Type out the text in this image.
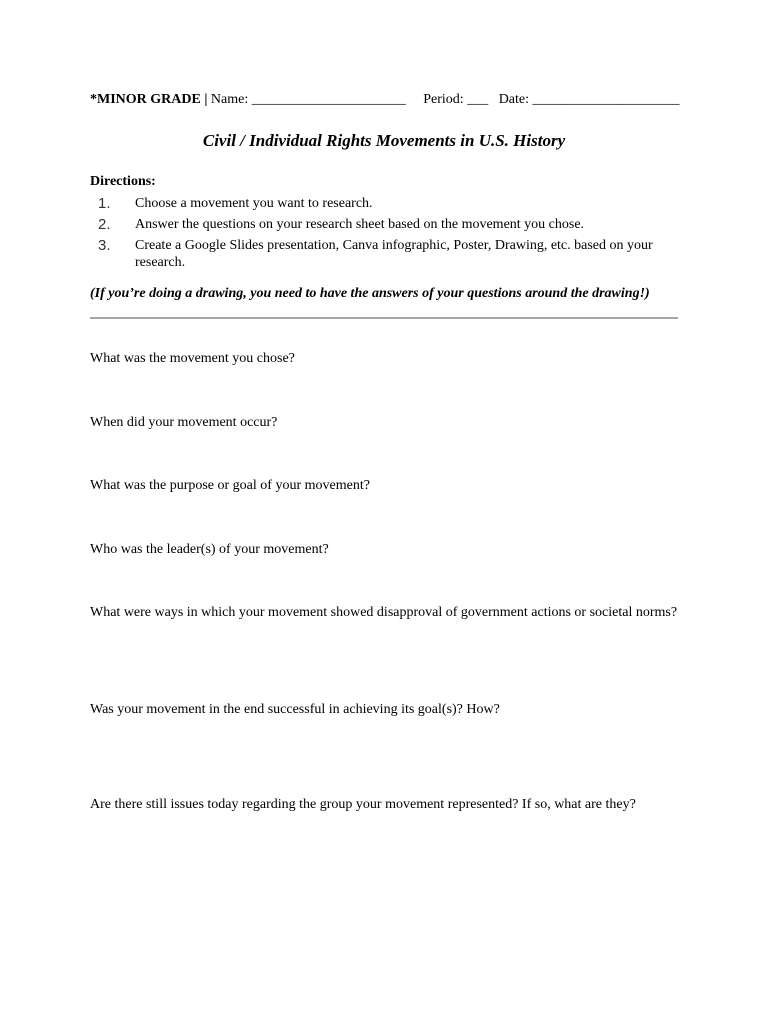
*MINOR GRADE | Name: ______________________     Period: ___   Date: _____________________
Civil / Individual Rights Movements in U.S. History
Directions:
1.	Choose a movement you want to research.
2.	Answer the questions on your research sheet based on the movement you chose.
3.	Create a Google Slides presentation, Canva infographic, Poster, Drawing, etc. based on your research.
(If you’re doing a drawing, you need to have the answers of your questions around the drawing!)
What was the movement you chose?
When did your movement occur?
What was the purpose or goal of your movement?
Who was the leader(s) of your movement?
What were ways in which your movement showed disapproval of government actions or societal norms?
Was your movement in the end successful in achieving its goal(s)? How?
Are there still issues today regarding the group your movement represented? If so, what are they?
